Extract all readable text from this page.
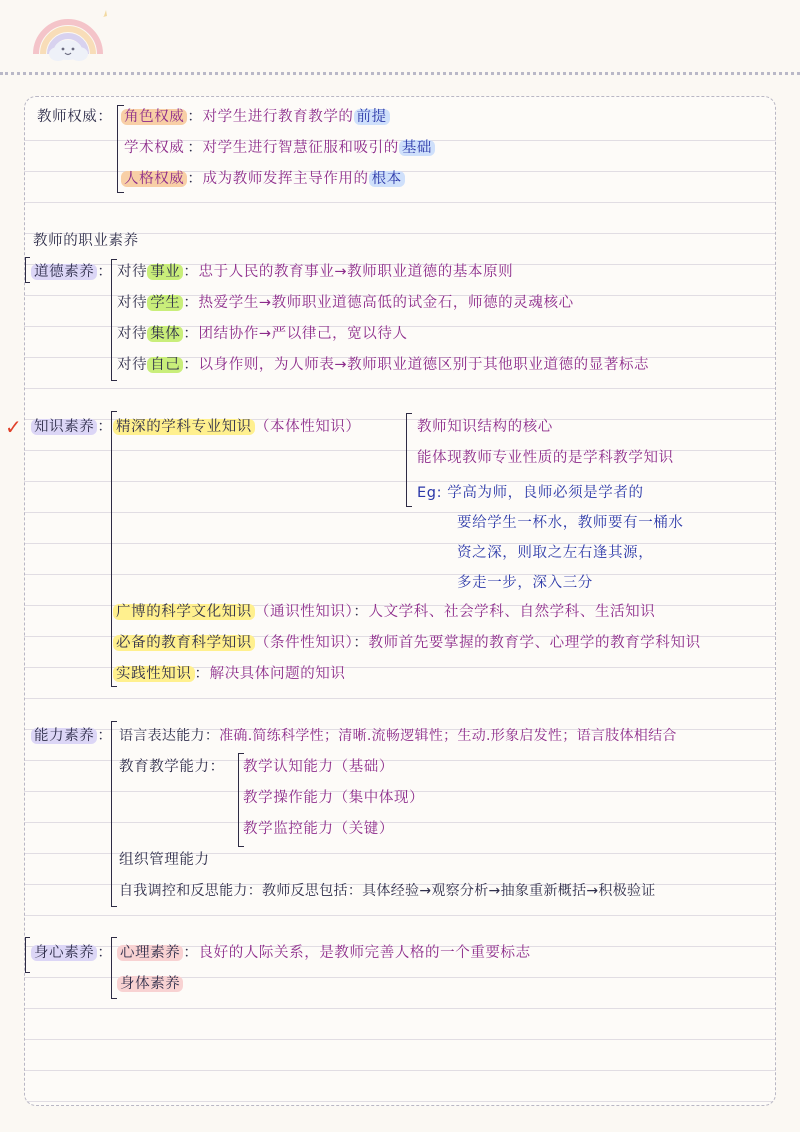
教师权威： 角色权威 ：对学生进行教育教学的 前提
学术权威 ：对学生进行智慧征服和吸引的 基础
人格权威 ：成为教师发挥主导作用的 根本
教师的职业素养
道德素养 ： 对待 事业 ：忠于人民的教育事业→教师职业道德的基本原则
对待 学生 ：热爱学生→教师职业道德高低的试金石，师德的灵魂核心
对待 集体 ：团结协作→严以律己，宽以待人
对待 自己 ：以身作则，为人师表→教师职业道德区别于其他职业道德的显著标志
✓ 知识素养 ： 精深的学科专业知识 （本体性知识）	教师知识结构的核心
能体现教师专业性质的是学科教学知识
Eg: 学高为师，良师必须是学者的
要给学生一杯水，教师要有一桶水
资之深，则取之左右逢其源，
多走一步，深入三分
广博的科学文化知识 （通识性知识）：人文学科、社会学科、自然学科、生活知识
必备的教育科学知识 （条件性知识）：教师首先要掌握的教育学、心理学的教育学科知识
实践性知识 ：解决具体问题的知识
能力素养 ： 语言表达能力：准确.简练科学性；清晰.流畅逻辑性；生动.形象启发性；语言肢体相结合
教育教学能力： 教学认知能力（基础）
教学操作能力（集中体现）
教学监控能力（关键）
组织管理能力
自我调控和反思能力：教师反思包括：具体经验→观察分析→抽象重新概括→积极验证
身心素养 ： 心理素养 ：良好的人际关系，是教师完善人格的一个重要标志
身体素养
